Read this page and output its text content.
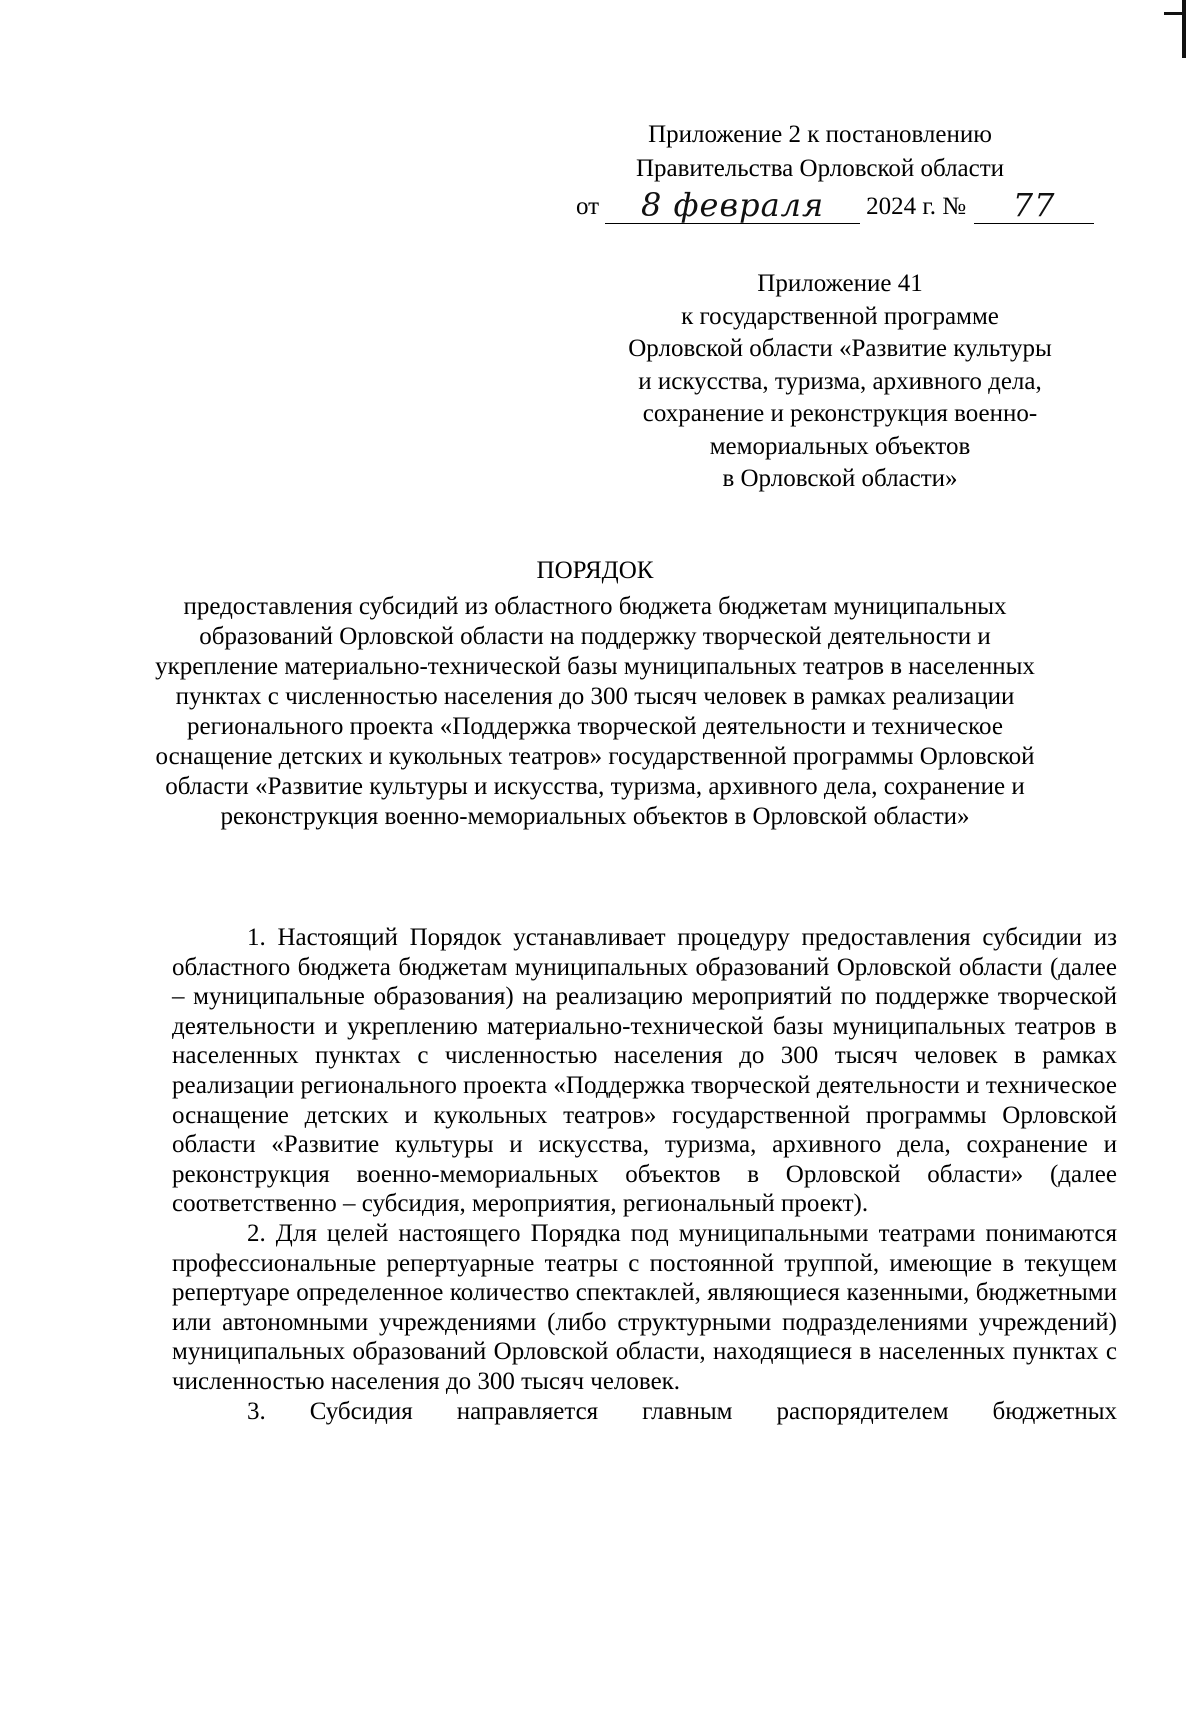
Приложение 2 к постановлению
Правительства Орловской области
от	8 февраля	2024 г. №	77
Приложение 41
к государственной программе
Орловской области «Развитие культуры
и искусства, туризма, архивного дела,
сохранение и реконструкция военно-
мемориальных объектов
в Орловской области»
ПОРЯДОК
предоставления субсидий из областного бюджета бюджетам муниципальных образований Орловской области на поддержку творческой деятельности и укрепление материально-технической базы муниципальных театров в населенных пунктах с численностью населения до 300 тысяч человек в рамках реализации регионального проекта «Поддержка творческой деятельности и техническое оснащение детских и кукольных театров» государственной программы Орловской области «Развитие культуры и искусства, туризма, архивного дела, сохранение и реконструкция военно-мемориальных объектов в Орловской области»

1. Настоящий Порядок устанавливает процедуру предоставления субсидии из областного бюджета бюджетам муниципальных образований Орловской области (далее – муниципальные образования) на реализацию мероприятий по поддержке творческой деятельности и укреплению материально-технической базы муниципальных театров в населенных пунктах с численностью населения до 300 тысяч человек в рамках реализации регионального проекта «Поддержка творческой деятельности и техническое оснащение детских и кукольных театров» государственной программы Орловской области «Развитие культуры и искусства, туризма, архивного дела, сохранение и реконструкция военно-мемориальных объектов в Орловской области» (далее соответственно – субсидия, мероприятия, региональный проект).

2. Для целей настоящего Порядка под муниципальными театрами понимаются профессиональные репертуарные театры с постоянной труппой, имеющие в текущем репертуаре определенное количество спектаклей, являющиеся казенными, бюджетными или автономными учреждениями (либо структурными подразделениями учреждений) муниципальных образований Орловской области, находящиеся в населенных пунктах с численностью населения до 300 тысяч человек.

3. Субсидия направляется главным распорядителем бюджетных
